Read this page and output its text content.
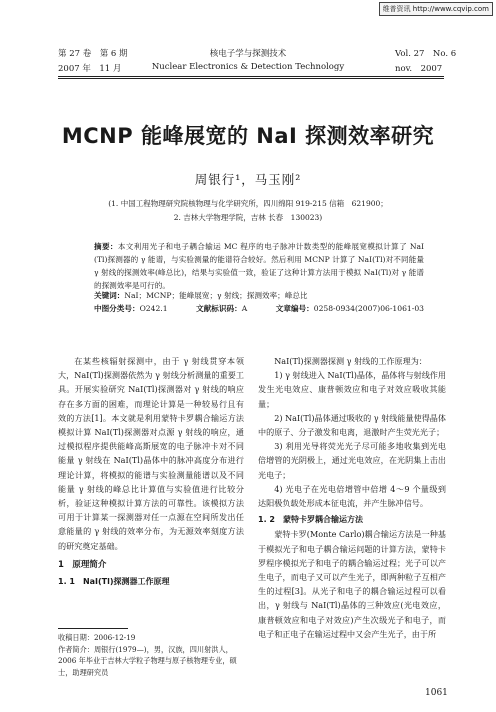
维普资讯 http://www.cqvip.com
第 27 卷　第 6 期
2007 年　11 月
核电子学与探测技术
Nuclear Electronics & Detection Technology
Vol. 27　No. 6
nov.　2007
MCNP 能峰展宽的 NaI 探测效率研究
周银行¹，马玉刚²
(1. 中国工程物理研究院核物理与化学研究所，四川绵阳 919-215 信箱　621900；
2. 吉林大学物理学院，吉林 长春　130023)
摘要：本文利用光子和电子耦合输运 MC 程序的电子脉冲计数类型的能峰展宽模拟计算了 NaI (Tl)探测器的 γ 能谱，与实验测量的能谱符合较好。然后利用 MCNP 计算了 NaI(Tl)对不同能量 γ 射线的探测效率(峰总比)，结果与实验值一致，验证了这种计算方法用于模拟 NaI(Tl)对 γ 能谱的探测效率是可行的。
关键词：NaI；MCNP；能峰展宽；γ 射线；探测效率；峰总比
中图分类号：O242.1	文献标识码：A	文章编号：0258-0934(2007)06-1061-03

在某些核辐射探测中，由于 γ 射线贯穿本领大，NaI(Tl)探测器依然为 γ 射线分析测量的重要工具。开展实验研究 NaI(Tl)探测器对 γ 射线的响应存在多方面的困难，而理论计算是一种较易行且有效的方法[1]。本文就是利用蒙特卡罗耦合输运方法模拟计算 NaI(Tl)探测器对点源 γ 射线的响应，通过模拟程序提供能峰高斯展宽的电子脉冲卡对不同能量 γ 射线在 NaI(Tl)晶体中的脉冲高度分布进行理论计算，将模拟的能谱与实验测量能谱以及不同能量 γ 射线的峰总比计算值与实验值进行比较分析，验证这种模拟计算方法的可靠性。该模拟方法可用于计算某一探测器对任一点源在空间所发出任意能量的 γ 射线的效率分布，为无源效率刻度方法的研究奠定基础。

1　原理简介

1. 1　NaI(Tl)探测器工作原理

NaI(Tl)探测器探测 γ 射线的工作原理为：

1) γ 射线进入 NaI(Tl)晶体，晶体将与射线作用发生光电效应、康普顿效应和电子对效应吸收其能量；

2) NaI(Tl)晶体通过吸收的 γ 射线能量使得晶体中的原子、分子激发和电离，退激时产生荧光光子；

3) 利用光导将荧光光子尽可能多地收集到光电倍增管的光阴极上，通过光电效应，在光阴集上击出光电子；

4) 光电子在光电倍增管中倍增 4～9 个量级到达阳极负载处形成本征电流，并产生脉冲信号。

1. 2　蒙特卡罗耦合输运方法

蒙特卡罗(Monte Carlo)耦合输运方法是一种基于模拟光子和电子耦合输运问题的计算方法，蒙特卡罗程序模拟光子和电子的耦合输运过程；光子可以产生电子，而电子又可以产生光子，即两种粒子互相产生的过程[3]。从光子和电子的耦合输运过程可以看出，γ 射线与 NaI(Tl)晶体的三种效应(光电效应，康普顿效应和电子对效应)产生次级光子和电子，而电子和正电子在输运过程中又会产生光子，由于所

收稿日期：2006-12-19

作者简介：周银行(1979—)，男，汉族，四川射洪人，2006 年毕业于吉林大学粒子物理与原子核物理专业，硕士，助理研究员

1061
